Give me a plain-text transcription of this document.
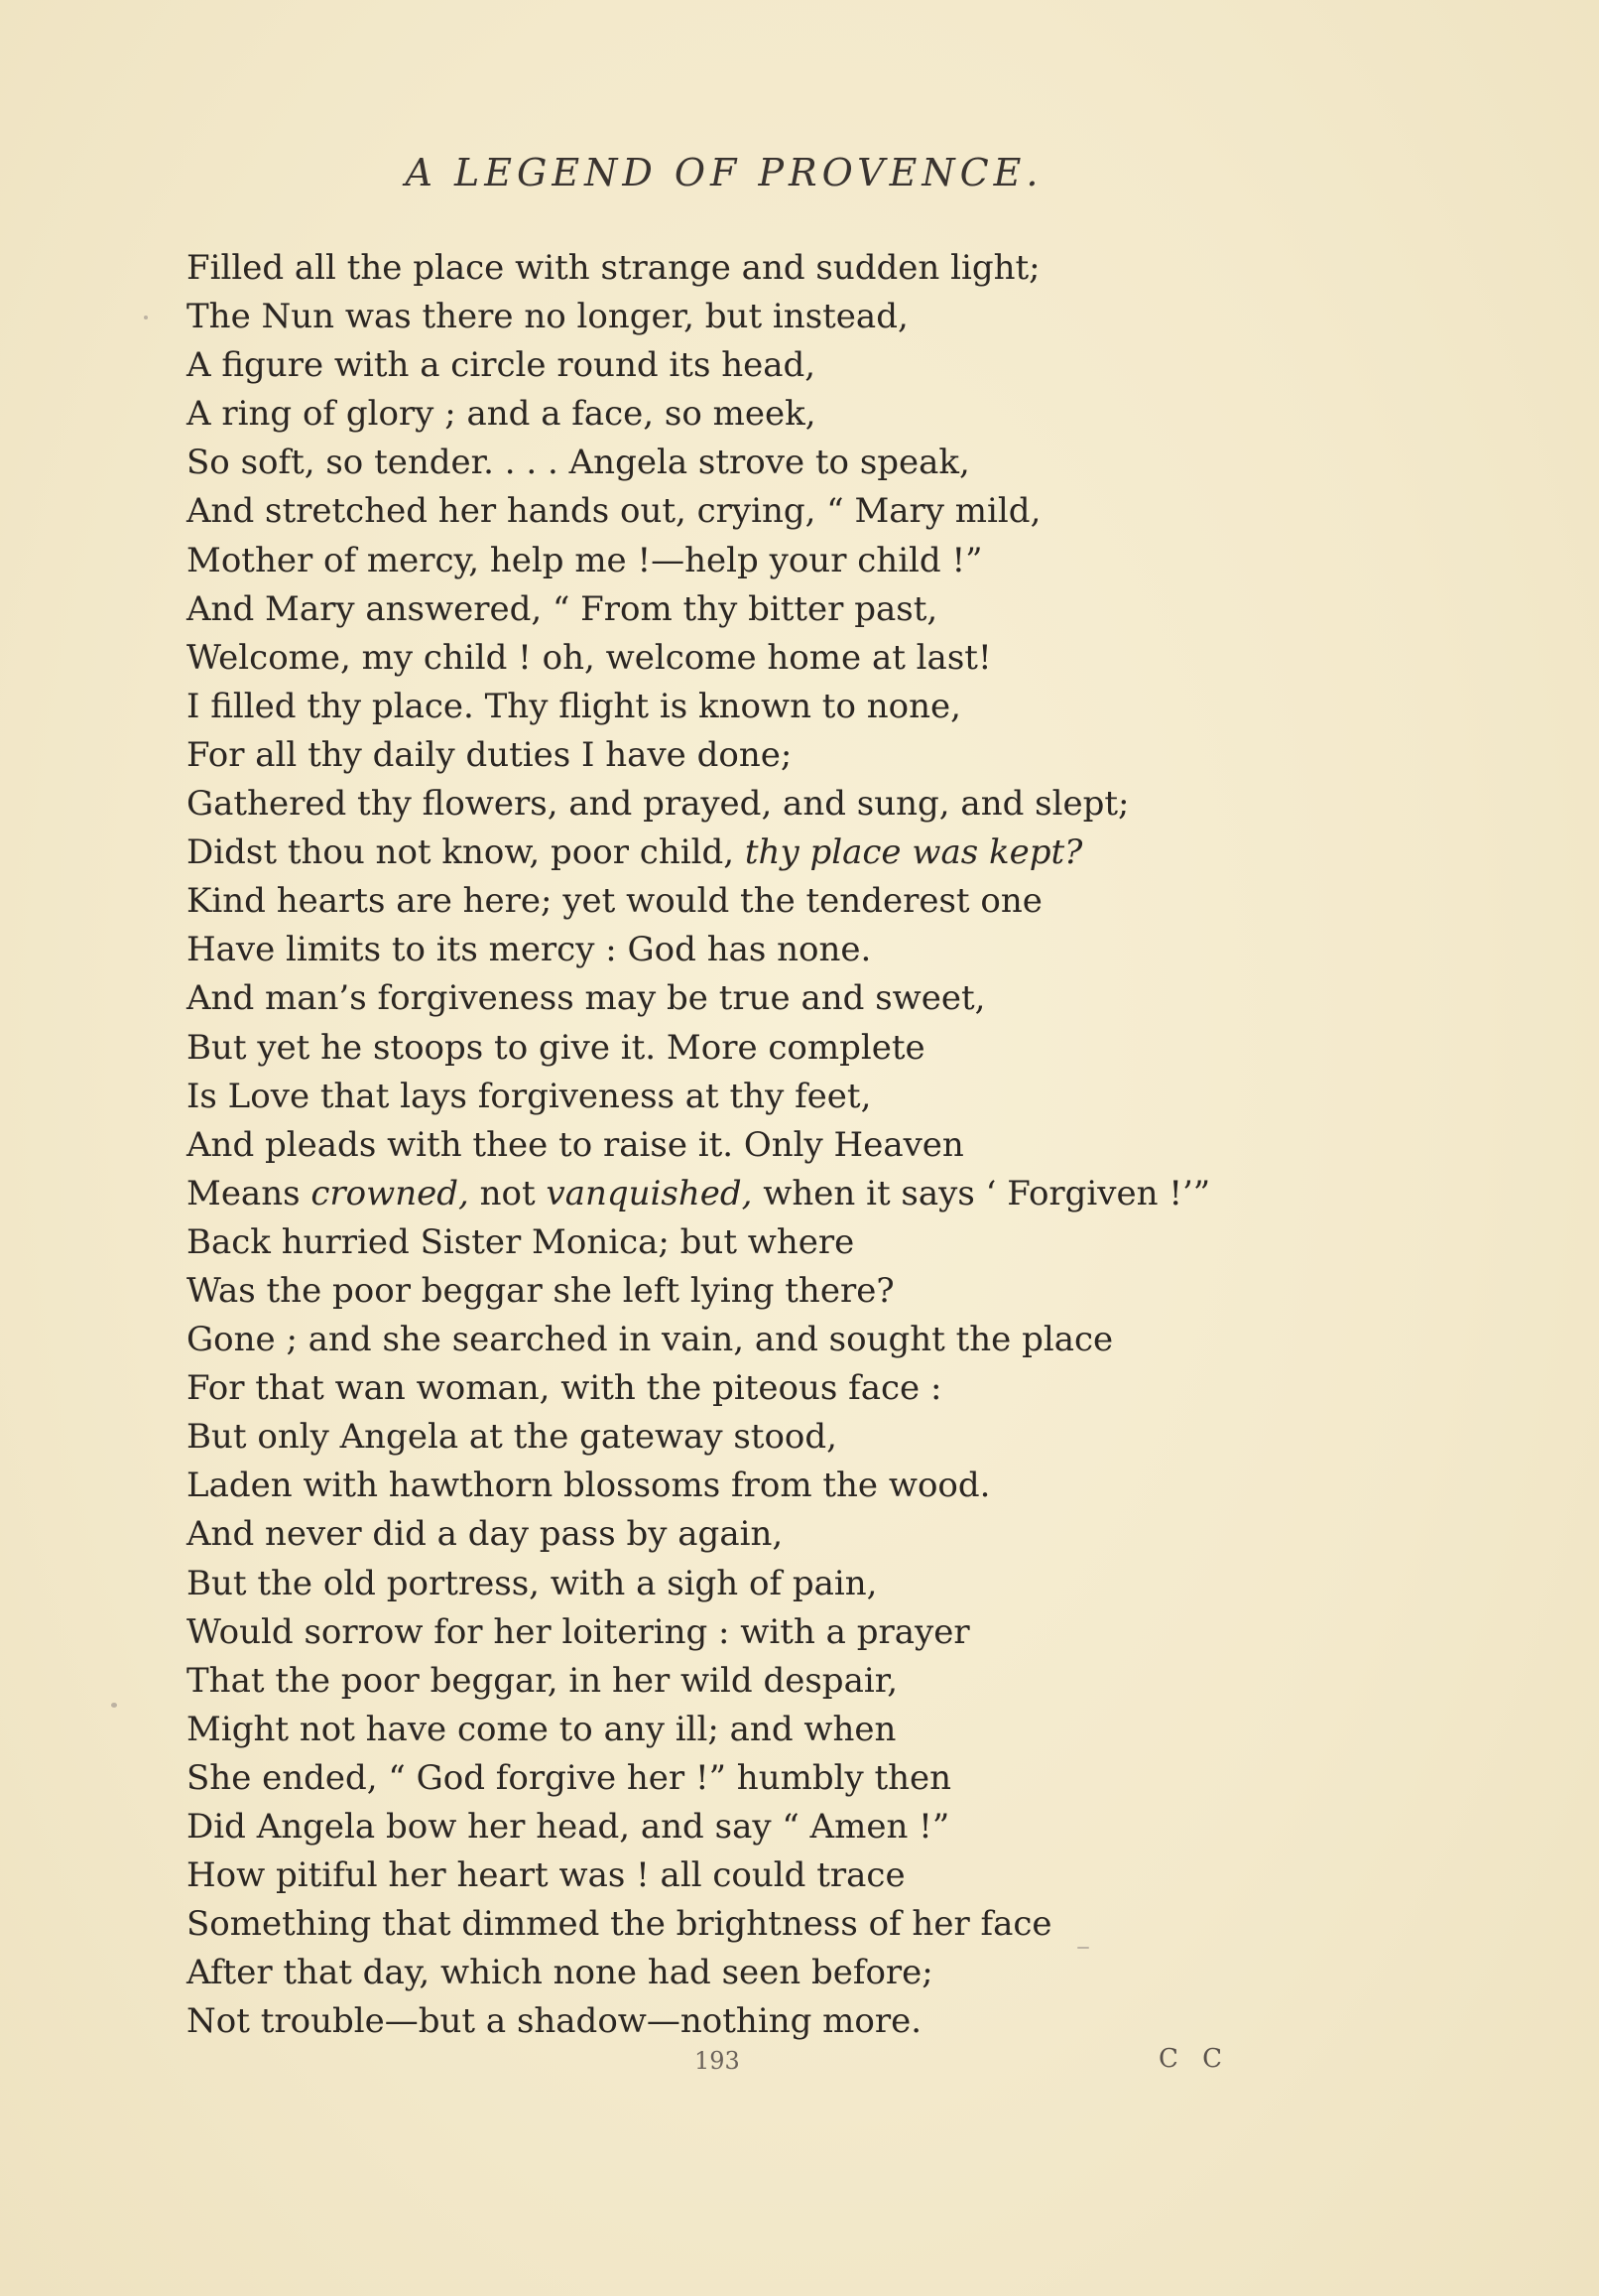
A LEGEND OF PROVENCE.
Filled all the place with strange and sudden light;
The Nun was there no longer, but instead,
A figure with a circle round its head,
A ring of glory ; and a face, so meek,
So soft, so tender. . . . Angela strove to speak,
And stretched her hands out, crying, “ Mary mild,
Mother of mercy, help me !—help your child !”
And Mary answered, “ From thy bitter past,
Welcome, my child ! oh, welcome home at last!
I filled thy place. Thy flight is known to none,
For all thy daily duties I have done;
Gathered thy flowers, and prayed, and sung, and slept;
Didst thou not know, poor child, thy place was kept?
Kind hearts are here; yet would the tenderest one
Have limits to its mercy : God has none.
And man’s forgiveness may be true and sweet,
But yet he stoops to give it. More complete
Is Love that lays forgiveness at thy feet,
And pleads with thee to raise it. Only Heaven
Means crowned, not vanquished, when it says ‘ Forgiven !’”
Back hurried Sister Monica; but where
Was the poor beggar she left lying there?
Gone ; and she searched in vain, and sought the place
For that wan woman, with the piteous face :
But only Angela at the gateway stood,
Laden with hawthorn blossoms from the wood.
And never did a day pass by again,
But the old portress, with a sigh of pain,
Would sorrow for her loitering : with a prayer
That the poor beggar, in her wild despair,
Might not have come to any ill; and when
She ended, “ God forgive her !” humbly then
Did Angela bow her head, and say “ Amen !”
How pitiful her heart was ! all could trace
Something that dimmed the brightness of her face
After that day, which none had seen before;
Not trouble—but a shadow—nothing more.
193	C C
